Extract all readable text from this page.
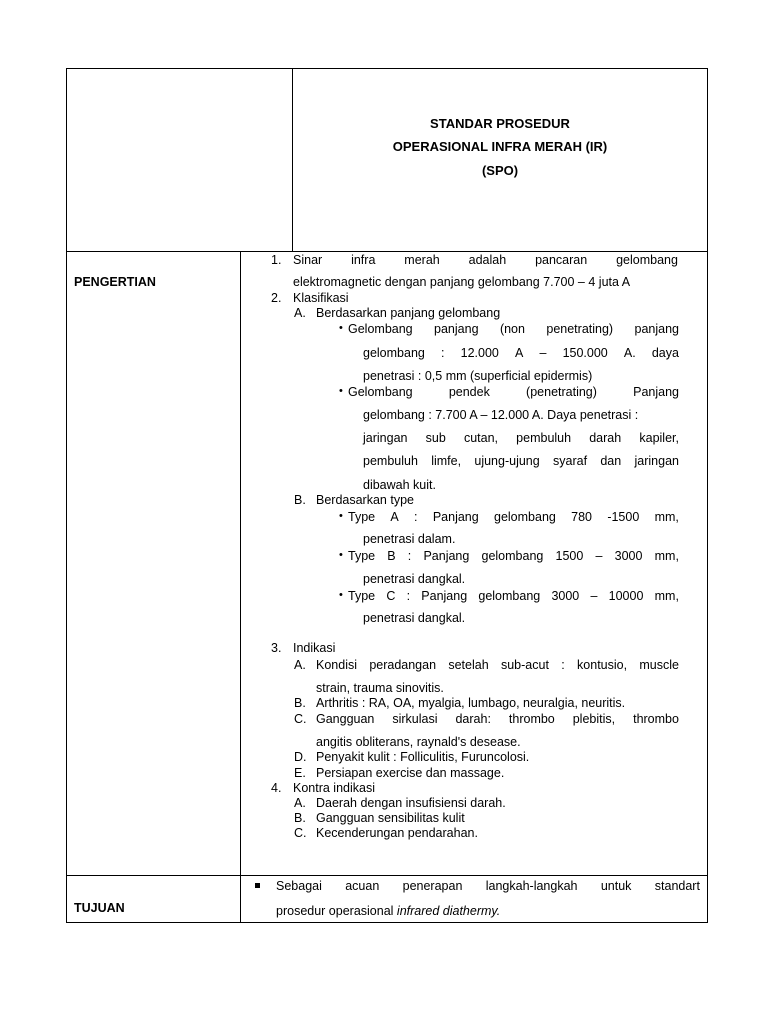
STANDAR PROSEDUR
OPERASIONAL INFRA MERAH (IR)
(SPO)
PENGERTIAN
1. Sinar infra merah adalah pancaran gelombang
elektromagnetic dengan panjang gelombang 7.700 – 4 juta A
2. Klasifikasi
A. Berdasarkan panjang gelombang
• Gelombang panjang (non penetrating) panjang
gelombang : 12.000 A – 150.000 A. daya
penetrasi : 0,5 mm (superficial epidermis)
• Gelombang	pendek	(penetrating)	Panjang
gelombang : 7.700 A – 12.000 A. Daya penetrasi :
jaringan sub cutan, pembuluh darah kapiler,
pembuluh limfe, ujung-ujung syaraf dan jaringan
dibawah kuit.
B. Berdasarkan type
• Type A : Panjang gelombang 780 -1500 mm,
penetrasi dalam.
• Type B : Panjang gelombang 1500 – 3000 mm,
penetrasi dangkal.
• Type C : Panjang gelombang 3000 – 10000 mm,
penetrasi dangkal.
3. Indikasi
A. Kondisi peradangan setelah sub-acut : kontusio, muscle
strain, trauma sinovitis.
B. Arthritis : RA, OA, myalgia, lumbago, neuralgia, neuritis.
C. Gangguan sirkulasi darah: thrombo plebitis, thrombo
angitis obliterans, raynald's desease.
D. Penyakit kulit : Folliculitis, Furuncolosi.
E. Persiapan exercise dan massage.
4. Kontra indikasi
A. Daerah dengan insufisiensi darah.
B. Gangguan sensibilitas kulit
C. Kecenderungan pendarahan.
TUJUAN
Sebagai acuan penerapan langkah-langkah untuk standart
prosedur operasional infrared diathermy.
